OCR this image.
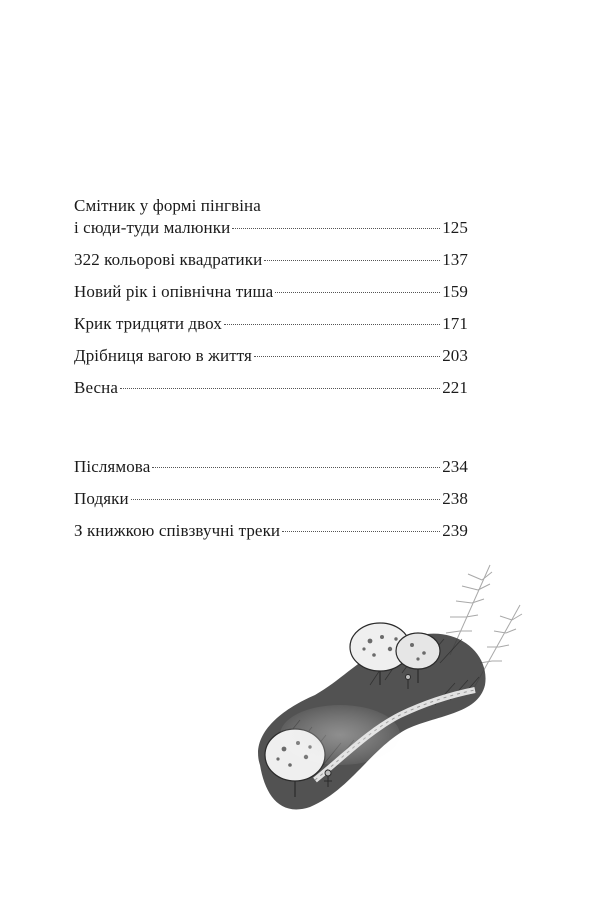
Смітник у формі пінгвіна
і сюди-туди малюнки	125
322 кольорові квадратики	137
Новий рік і опівнічна тиша	159
Крик тридцяти двох	171
Дрібниця вагою в життя	203
Весна	221
Післямова	234
Подяки	238
З книжкою співзвучні треки	239
